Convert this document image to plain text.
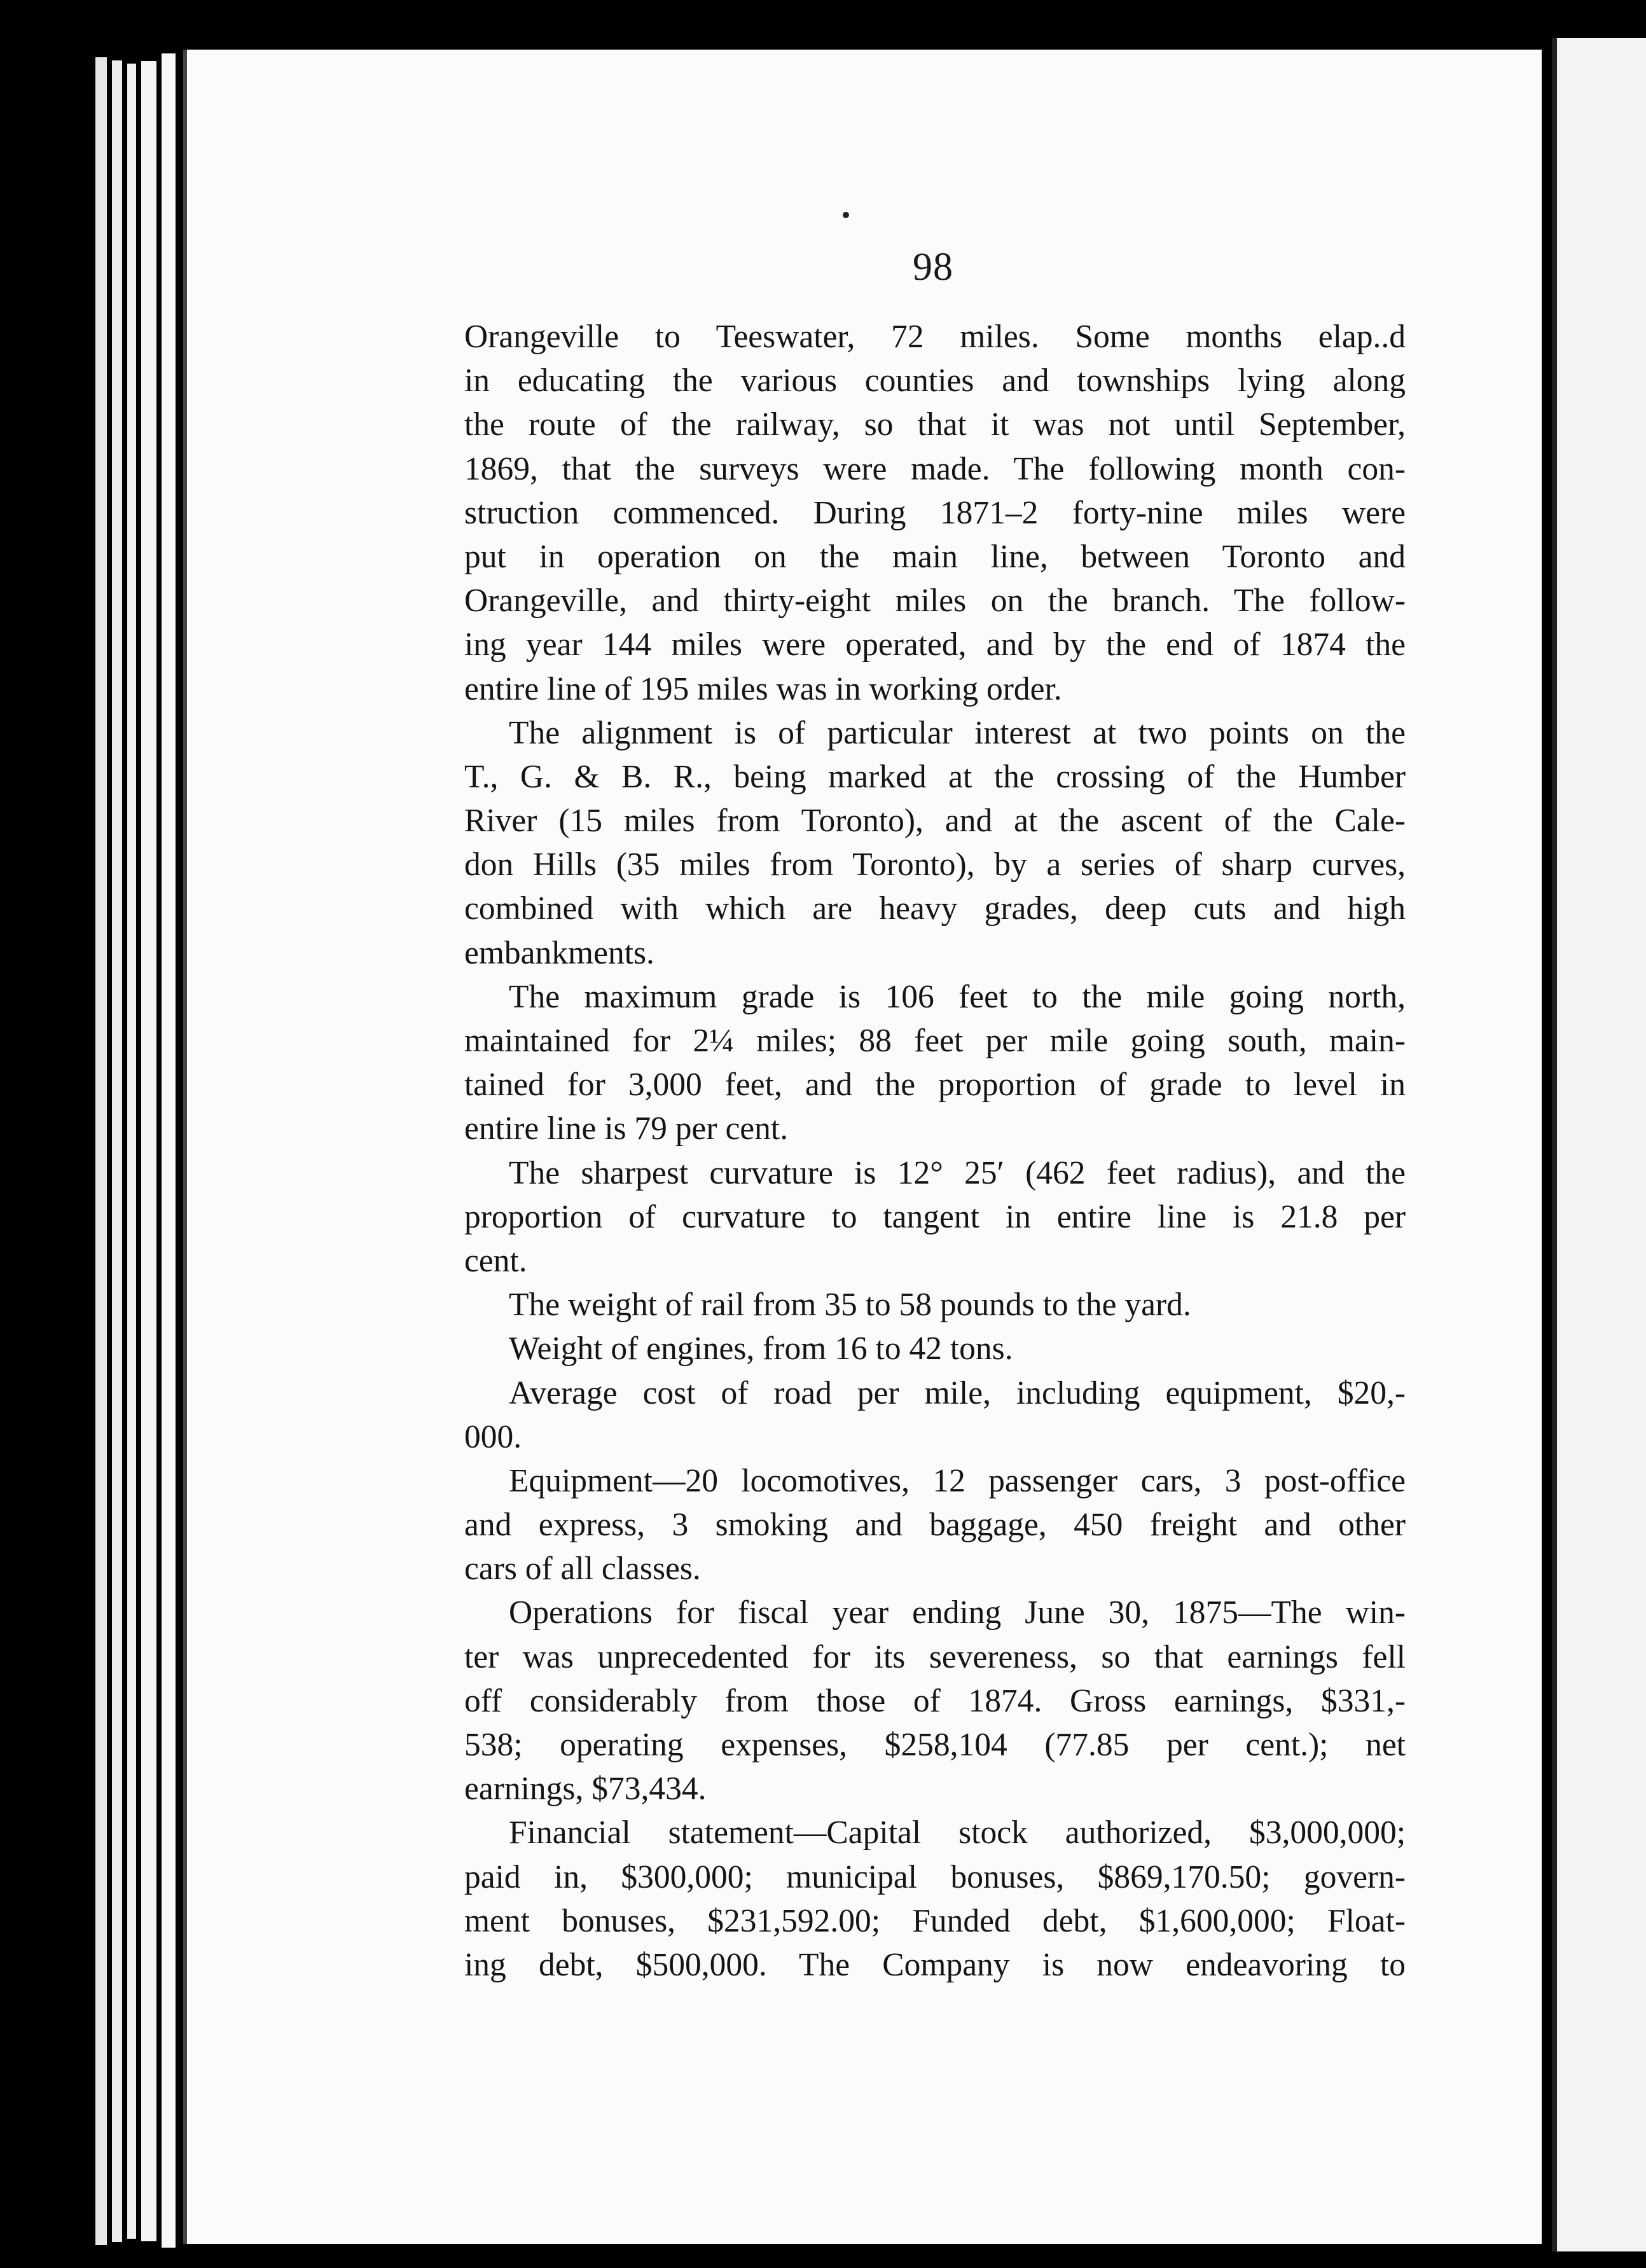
98

Orangeville to Teeswater, 72 miles. Some months elap..d
in educating the various counties and townships lying along
the route of the railway, so that it was not until September,
1869, that the surveys were made. The following month con-
struction commenced. During 1871–2 forty-nine miles were
put in operation on the main line, between Toronto and
Orangeville, and thirty-eight miles on the branch. The follow-
ing year 144 miles were operated, and by the end of 1874 the
entire line of 195 miles was in working order.
The alignment is of particular interest at two points on the
T., G. & B. R., being marked at the crossing of the Humber
River (15 miles from Toronto), and at the ascent of the Cale-
don Hills (35 miles from Toronto), by a series of sharp curves,
combined with which are heavy grades, deep cuts and high
embankments.
The maximum grade is 106 feet to the mile going north,
maintained for 2¼ miles; 88 feet per mile going south, main-
tained for 3,000 feet, and the proportion of grade to level in
entire line is 79 per cent.
The sharpest curvature is 12° 25′ (462 feet radius), and the
proportion of curvature to tangent in entire line is 21.8 per
cent.
The weight of rail from 35 to 58 pounds to the yard.
Weight of engines, from 16 to 42 tons.
Average cost of road per mile, including equipment, $20,-
000.
Equipment—20 locomotives, 12 passenger cars, 3 post-office
and express, 3 smoking and baggage, 450 freight and other
cars of all classes.
Operations for fiscal year ending June 30, 1875—The win-
ter was unprecedented for its severeness, so that earnings fell
off considerably from those of 1874. Gross earnings, $331,-
538; operating expenses, $258,104 (77.85 per cent.); net
earnings, $73,434.
Financial statement—Capital stock authorized, $3,000,000;
paid in, $300,000; municipal bonuses, $869,170.50; govern-
ment bonuses, $231,592.00; Funded debt, $1,600,000; Float-
ing debt, $500,000. The Company is now endeavoring to
